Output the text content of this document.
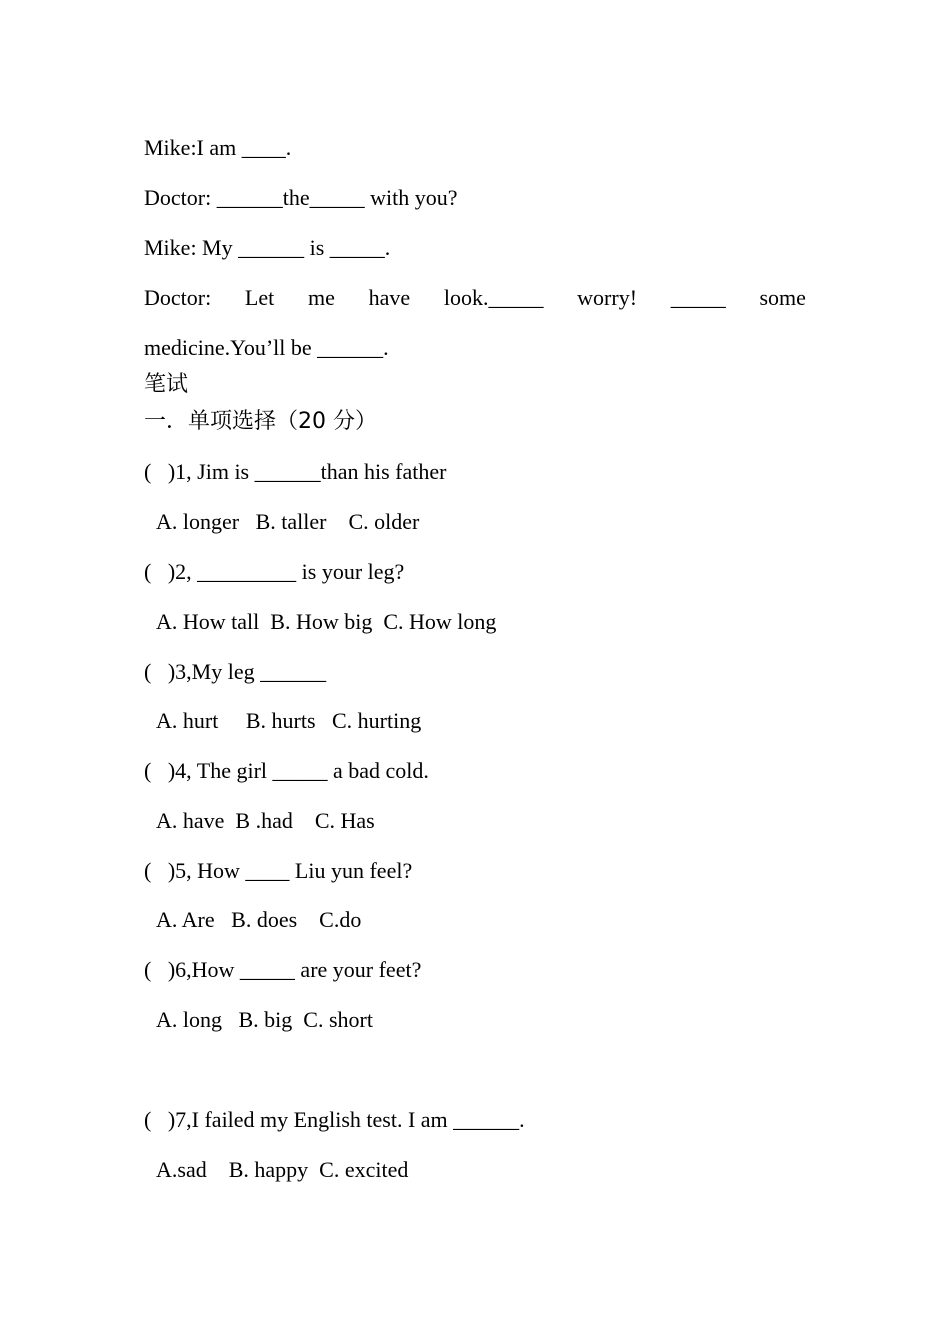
Mike:I am ____.
Doctor: ______the_____ with you?
Mike: My ______ is _____.
Doctor: Let me have look._____ worry! _____ some
medicine.You’ll be ______.
笔试
一．单项选择（20 分）
(   )1, Jim is ______than his father
A. longer   B. taller    C. older
(   )2, _________ is your leg?
A. How tall  B. How big  C. How long
(   )3,My leg ______
A. hurt     B. hurts   C. hurting
(   )4, The girl _____ a bad cold.
A. have  B .had    C. Has
(   )5, How ____ Liu yun feel?
A. Are   B. does    C.do
(   )6,How _____ are your feet?
A. long   B. big  C. short
(   )7,I failed my English test. I am ______.
A.sad    B. happy  C. excited
